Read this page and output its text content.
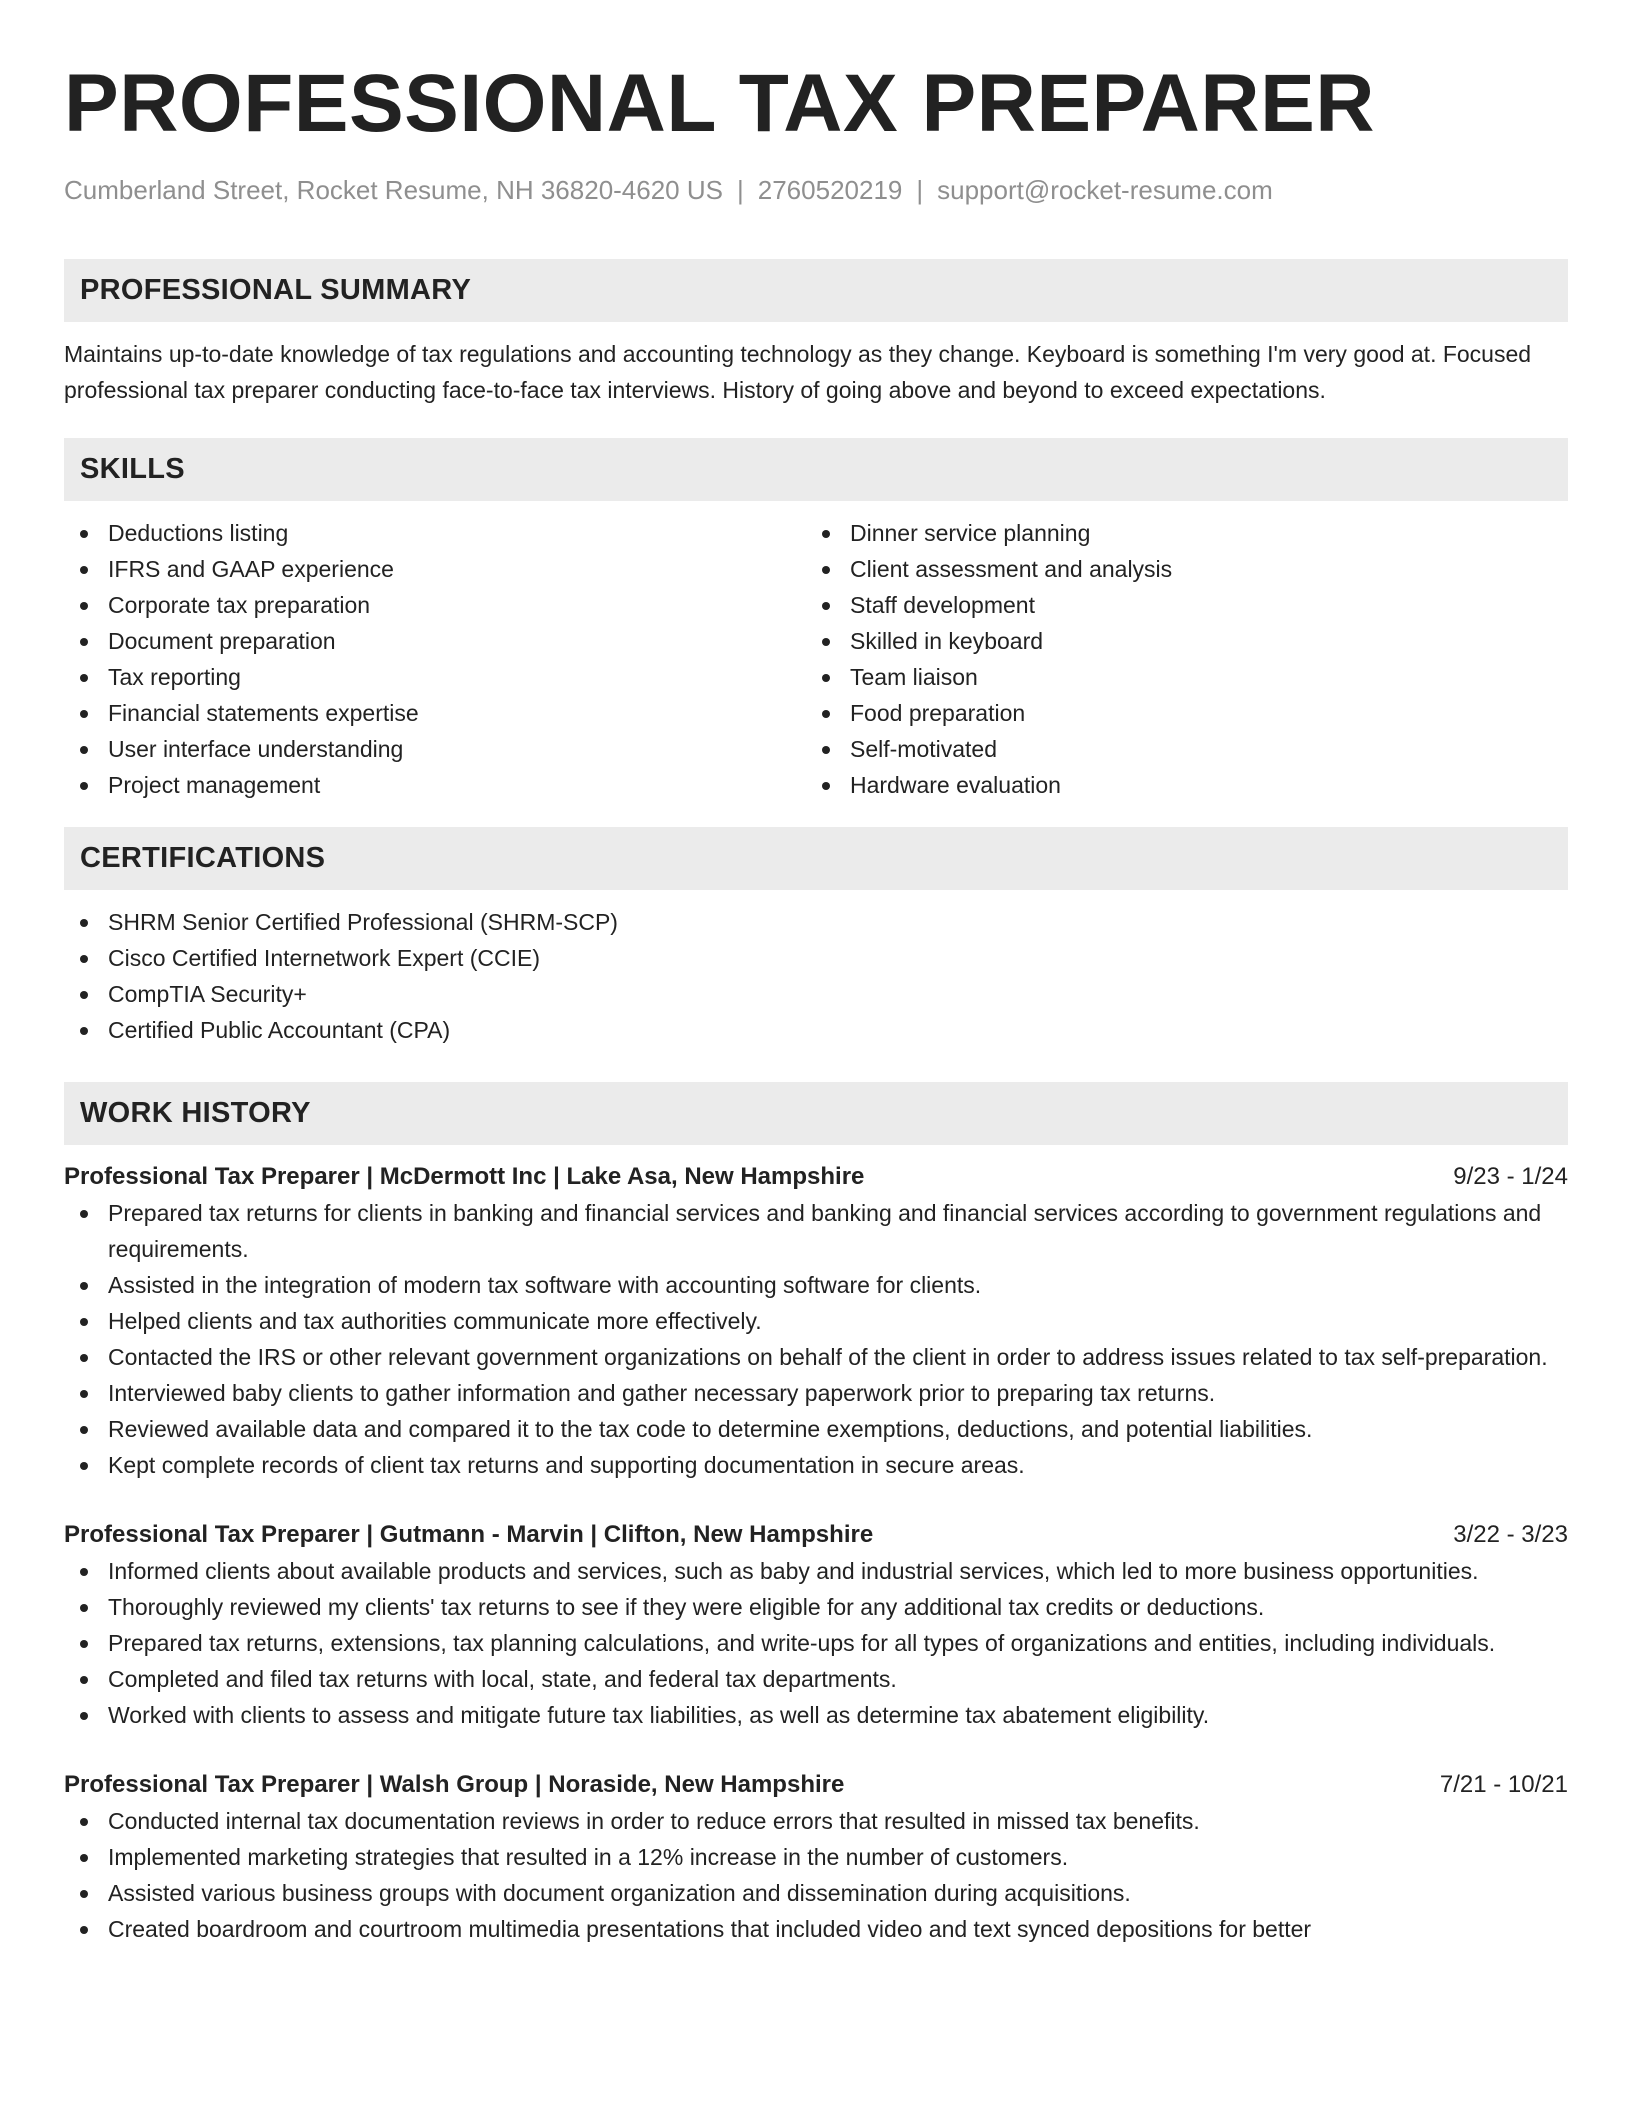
PROFESSIONAL TAX PREPARER
Cumberland Street, Rocket Resume, NH 36820-4620 US | 2760520219 | support@rocket-resume.com
PROFESSIONAL SUMMARY
Maintains up-to-date knowledge of tax regulations and accounting technology as they change. Keyboard is something I'm very good at. Focused professional tax preparer conducting face-to-face tax interviews. History of going above and beyond to exceed expectations.
SKILLS
Deductions listing
IFRS and GAAP experience
Corporate tax preparation
Document preparation
Tax reporting
Financial statements expertise
User interface understanding
Project management
Dinner service planning
Client assessment and analysis
Staff development
Skilled in keyboard
Team liaison
Food preparation
Self-motivated
Hardware evaluation
CERTIFICATIONS
SHRM Senior Certified Professional (SHRM-SCP)
Cisco Certified Internetwork Expert (CCIE)
CompTIA Security+
Certified Public Accountant (CPA)
WORK HISTORY
Professional Tax Preparer | McDermott Inc | Lake Asa, New Hampshire	9/23 - 1/24
Prepared tax returns for clients in banking and financial services and banking and financial services according to government regulations and requirements.
Assisted in the integration of modern tax software with accounting software for clients.
Helped clients and tax authorities communicate more effectively.
Contacted the IRS or other relevant government organizations on behalf of the client in order to address issues related to tax self-preparation.
Interviewed baby clients to gather information and gather necessary paperwork prior to preparing tax returns.
Reviewed available data and compared it to the tax code to determine exemptions, deductions, and potential liabilities.
Kept complete records of client tax returns and supporting documentation in secure areas.
Professional Tax Preparer | Gutmann - Marvin | Clifton, New Hampshire	3/22 - 3/23
Informed clients about available products and services, such as baby and industrial services, which led to more business opportunities.
Thoroughly reviewed my clients' tax returns to see if they were eligible for any additional tax credits or deductions.
Prepared tax returns, extensions, tax planning calculations, and write-ups for all types of organizations and entities, including individuals.
Completed and filed tax returns with local, state, and federal tax departments.
Worked with clients to assess and mitigate future tax liabilities, as well as determine tax abatement eligibility.
Professional Tax Preparer | Walsh Group | Noraside, New Hampshire	7/21 - 10/21
Conducted internal tax documentation reviews in order to reduce errors that resulted in missed tax benefits.
Implemented marketing strategies that resulted in a 12% increase in the number of customers.
Assisted various business groups with document organization and dissemination during acquisitions.
Created boardroom and courtroom multimedia presentations that included video and text synced depositions for better
